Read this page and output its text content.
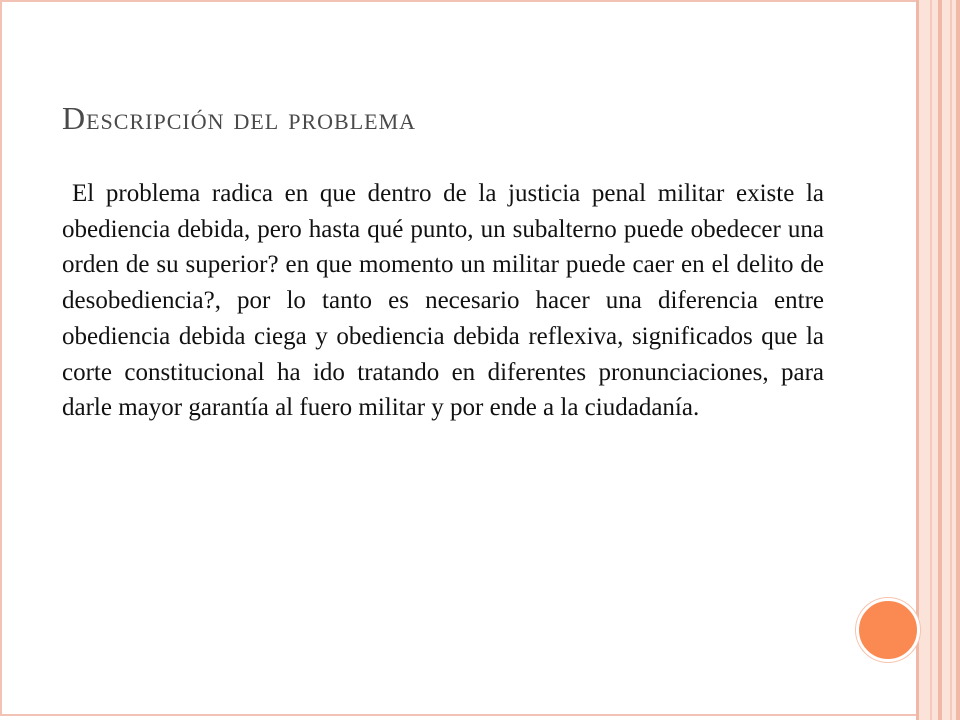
Descripción del problema

El problema radica en que dentro de la justicia penal militar existe la obediencia debida, pero hasta qué punto, un subalterno puede obedecer una orden de su superior? en que momento un militar puede caer en el delito de desobediencia?, por lo tanto es necesario hacer una diferencia entre obediencia debida ciega y obediencia debida reflexiva, significados que la corte constitucional ha ido tratando en diferentes pronunciaciones, para darle mayor garantía al fuero militar y por ende a la ciudadanía.
